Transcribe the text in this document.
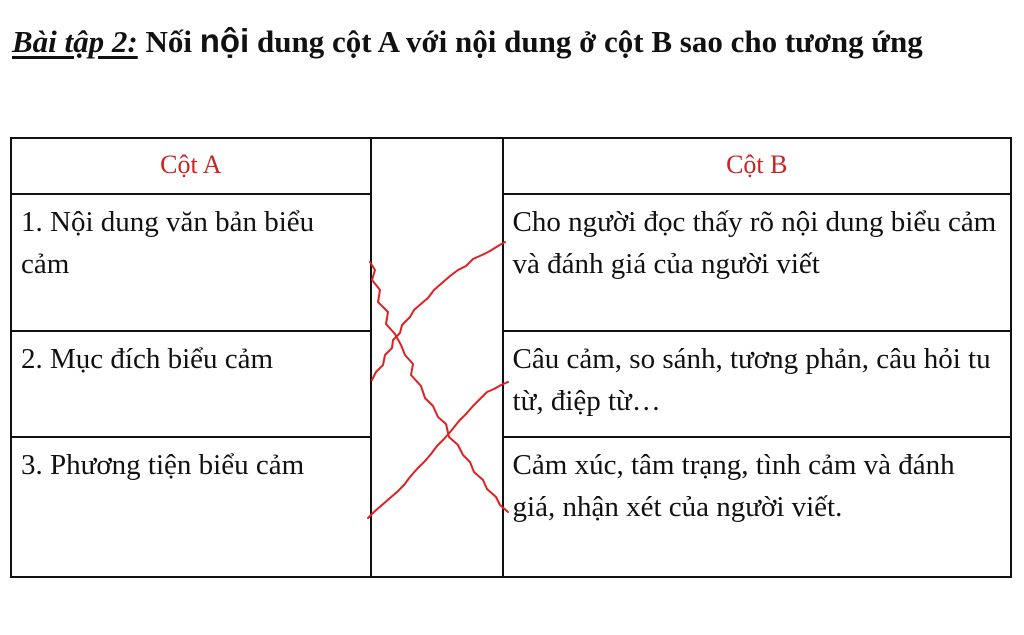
Bài tập 2: Nối nội dung cột A với nội dung ở cột B sao cho tương ứng
Cột A		Cột B
1. Nội dung văn bản biểu cảm		Cho người đọc thấy rõ nội dung biểu cảm và đánh giá của người viết
2. Mục đích biểu cảm		Câu cảm, so sánh, tương phản, câu hỏi tu từ, điệp từ…
3. Phương tiện biểu cảm		Cảm xúc, tâm trạng, tình cảm và đánh giá, nhận xét của người viết.
